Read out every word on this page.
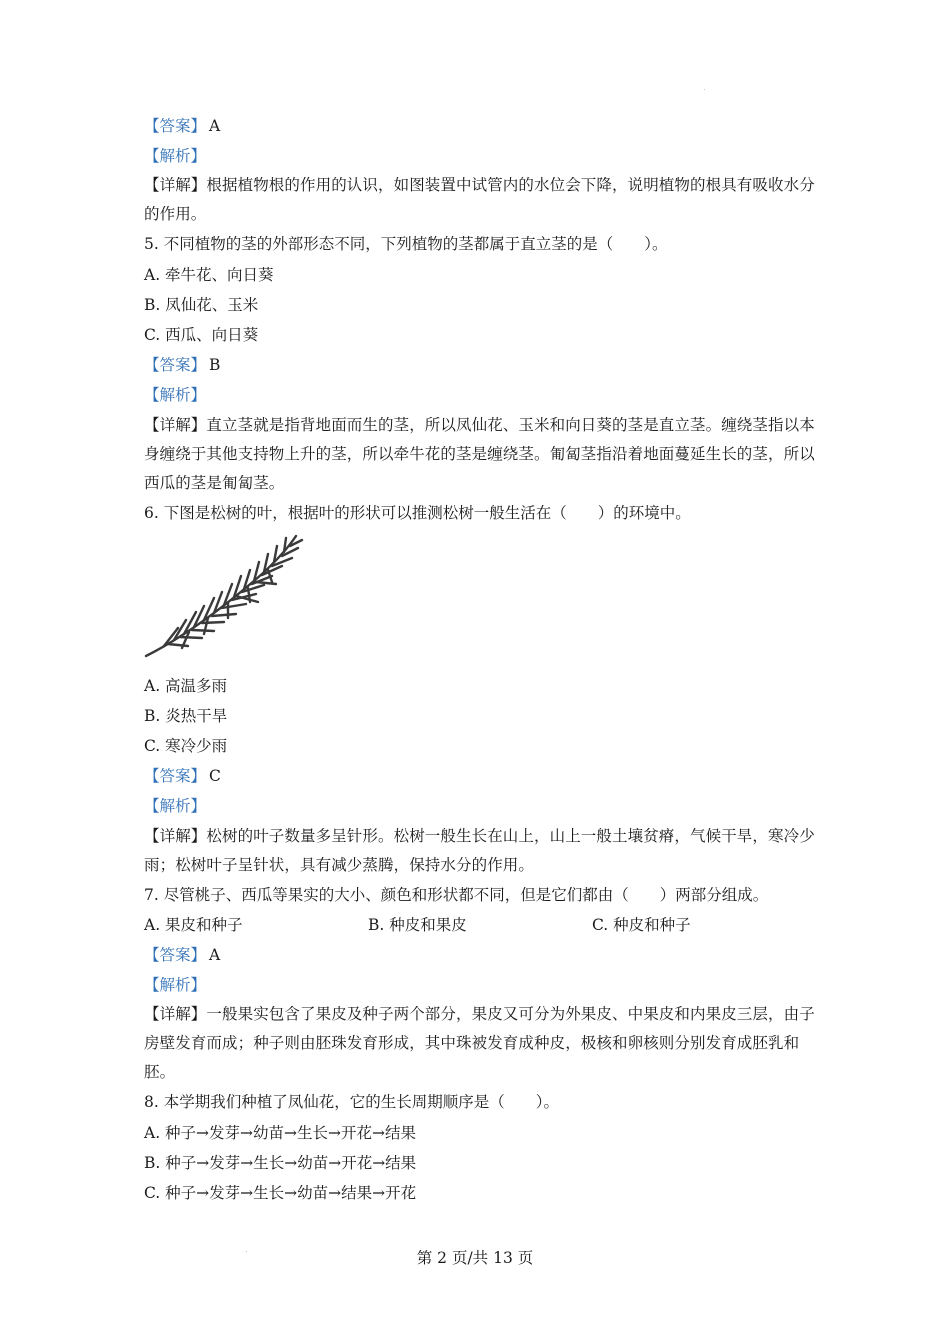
【答案】 A
【解析】
【详解】根据植物根的作用的认识，如图装置中试管内的水位会下降，说明植物的根具有吸收水分的作用。
5. 不同植物的茎的外部形态不同，下列植物的茎都属于直立茎的是（　　）。
A. 牵牛花、向日葵
B. 凤仙花、玉米
C. 西瓜、向日葵
【答案】 B
【解析】
【详解】直立茎就是指背地面而生的茎，所以凤仙花、玉米和向日葵的茎是直立茎。缠绕茎指以本身缠绕于其他支持物上升的茎，所以牵牛花的茎是缠绕茎。匍匐茎指沿着地面蔓延生长的茎，所以西瓜的茎是匍匐茎。
6. 下图是松树的叶，根据叶的形状可以推测松树一般生活在（　　）的环境中。
A. 高温多雨
B. 炎热干旱
C. 寒冷少雨
【答案】 C
【解析】
【详解】松树的叶子数量多呈针形。松树一般生长在山上，山上一般土壤贫瘠，气候干旱，寒冷少雨；松树叶子呈针状，具有减少蒸腾，保持水分的作用。
7. 尽管桃子、西瓜等果实的大小、颜色和形状都不同，但是它们都由（　　）两部分组成。
A. 果皮和种子	B. 种皮和果皮	C. 种皮和种子
【答案】 A
【解析】
【详解】一般果实包含了果皮及种子两个部分，果皮又可分为外果皮、中果皮和内果皮三层，由子房壁发育而成；种子则由胚珠发育形成，其中珠被发育成种皮，极核和卵核则分别发育成胚乳和胚。
8. 本学期我们种植了凤仙花，它的生长周期顺序是（　　）。
A. 种子→发芽→幼苗→生长→开花→结果
B. 种子→发芽→生长→幼苗→开花→结果
C. 种子→发芽→生长→幼苗→结果→开花
第 2 页/共 13 页
